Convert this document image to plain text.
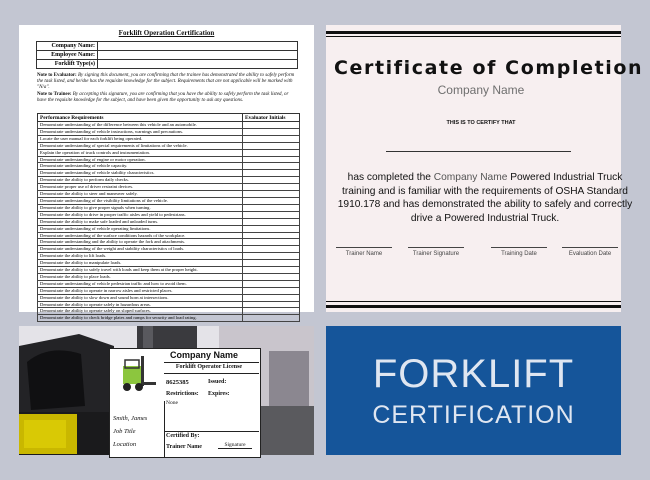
Forklift Operation Certification
Company Name:	
Employee Name:	
Forklift Type(s)	
Note to Evaluator: By signing this document, you are confirming that the trainee has demonstrated the ability to safely perform the task listed, and he/she has the requisite knowledge for the subject. Requirements that are not applicable will be marked with "N/a".
Note to Trainee: By accepting this signature, you are confirming that you have the ability to safely perform the task listed, or have the requisite knowledge for the subject, and have been given the opportunity to ask any questions.
Performance Requirements	Evaluator Initials
Demonstrate understanding of the difference between this vehicle and an automobile.	
Demonstrate understanding of vehicle instructions, warnings and precautions.	
Locate the user manual for each forklift being operated.	
Demonstrate understanding of special requirements of limitations of the vehicle.	
Explain the operation of truck controls and instrumentation.	
Demonstrate understanding of engine or motor operation.	
Demonstrate understanding of vehicle capacity.	
Demonstrate understanding of vehicle stability characteristics.	
Demonstrate the ability to perform daily checks.	
Demonstrate proper use of driver restraint devices.	
Demonstrate the ability to steer and maneuver safely.	
Demonstrate understanding of the visibility limitations of the vehicle.	
Demonstrate the ability to give proper signals when turning.	
Demonstrate the ability to drive in proper traffic aisles and yield to pedestrians.	
Demonstrate the ability to make safe loaded and unloaded turns.	
Demonstrate understanding of vehicle operating limitations.	
Demonstrate understanding of the surface conditions hazards of the workplace.	
Demonstrate understanding and the ability to operate the fork and attachments.	
Demonstrate understanding of the weight and stability characteristics of loads.	
Demonstrate the ability to lift loads.	
Demonstrate the ability to manipulate loads.	
Demonstrate the ability to safely travel with loads and keep them at the proper height.	
Demonstrate the ability to place loads.	
Demonstrate understanding of vehicle pedestrian traffic and how to avoid them.	
Demonstrate the ability to operate in narrow aisles and restricted places.	
Demonstrate the ability to slow down and sound horn at intersections.	
Demonstrate the ability to operate safely in hazardous areas.	
Demonstrate the ability to operate safely on sloped surfaces.	
Demonstrate the ability to check bridge plates and ramps for security and load rating.	
Certificate of Completion
Company Name
THIS IS TO CERTIFY THAT
has completed the Company Name Powered Industrial Truck
training and is familiar with the requirements of OSHA Standard
1910.178 and has demonstrated the ability to safely and correctly
drive a Powered Industrial Truck.
Trainer Name	Trainer Signature	Training Date	Evaluation Date
Company Name
Forklift Operator License
8625385	Issued:
Restrictions: Expires:
None
Certified By:
Trainer Name	Signature
Smith, James
Job Title
Location
FORKLIFT
CERTIFICATION
